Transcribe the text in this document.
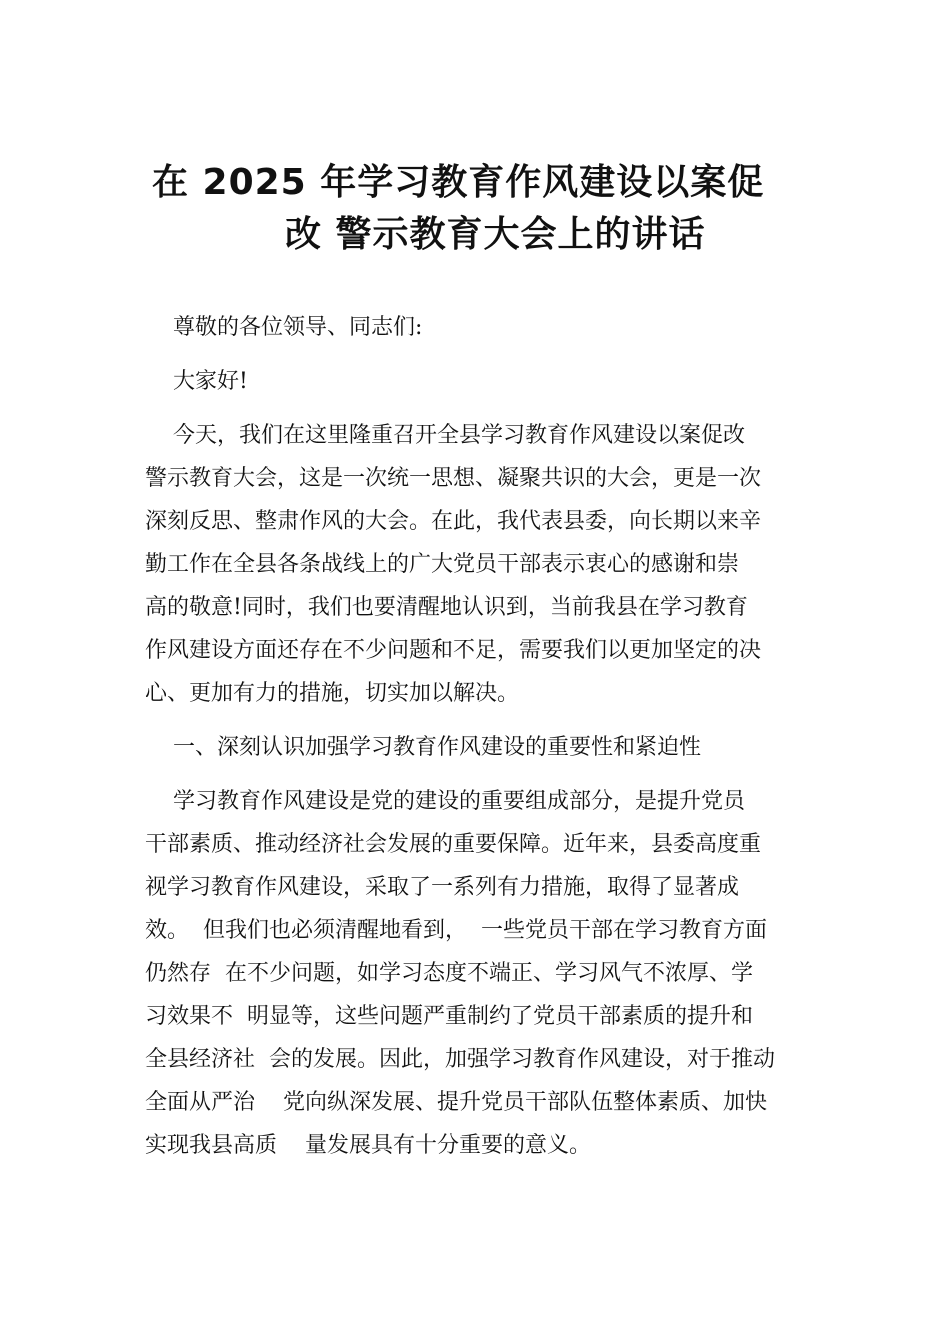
在 2025 年学习教育作风建设以案促
改 警示教育大会上的讲话
尊敬的各位领导、同志们:
大家好!
今天，我们在这里隆重召开全县学习教育作风建设以案促改
警示教育大会，这是一次统一思想、凝聚共识的大会，更是一次
深刻反思、整肃作风的大会。在此，我代表县委，向长期以来辛
勤工作在全县各条战线上的广大党员干部表示衷心的感谢和崇
高的敬意!同时，我们也要清醒地认识到，当前我县在学习教育
作风建设方面还存在不少问题和不足，需要我们以更加坚定的决
心、更加有力的措施，切实加以解决。
一、深刻认识加强学习教育作风建设的重要性和紧迫性
学习教育作风建设是党的建设的重要组成部分，是提升党员
干部素质、推动经济社会发展的重要保障。近年来，县委高度重
视学习教育作风建设，采取了一系列有力措施，取得了显著成
效。  但我们也必须清醒地看到，  一些党员干部在学习教育方面
仍然存  在不少问题，如学习态度不端正、学习风气不浓厚、学
习效果不  明显等，这些问题严重制约了党员干部素质的提升和
全县经济社  会的发展。因此，加强学习教育作风建设，对于推动
全面从严治    党向纵深发展、提升党员干部队伍整体素质、加快
实现我县高质    量发展具有十分重要的意义。
